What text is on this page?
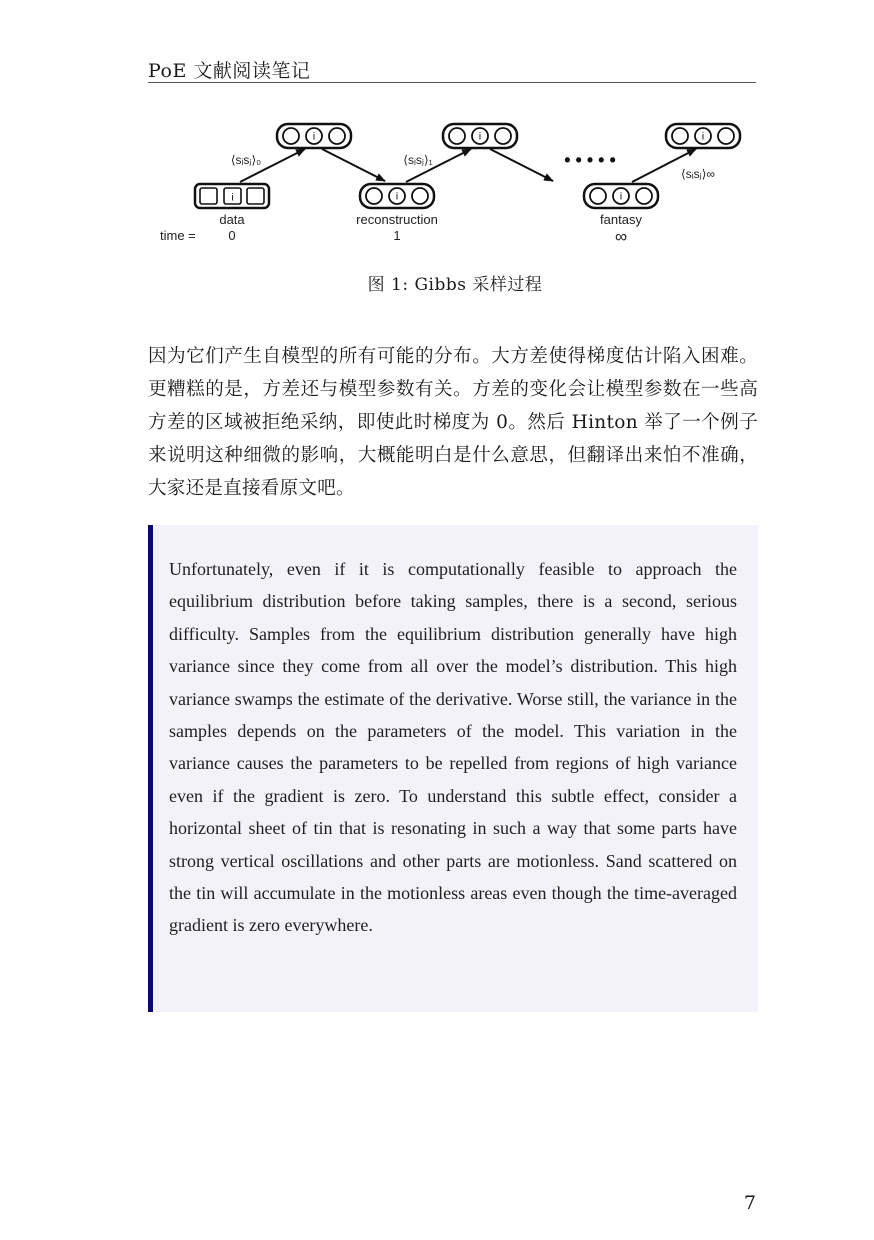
PoE 文献阅读笔记
i
i
i
i
i
i
• • • • •
⟨sᵢsⱼ⟩₀	⟨sᵢsⱼ⟩₁
⟨sᵢsⱼ⟩∞
data	reconstruction	fantasy
time =	0	1	∞
图 1: Gibbs 采样过程
因为它们产生自模型的所有可能的分布。大方差使得梯度估计陷入困难。更糟糕的是，方差还与模型参数有关。方差的变化会让模型参数在一些高方差的区域被拒绝采纳，即使此时梯度为 0。然后 Hinton 举了一个例子来说明这种细微的影响，大概能明白是什么意思，但翻译出来怕不准确，大家还是直接看原文吧。
Unfortunately, even if it is computationally feasible to approach the equilibrium distribution before taking samples, there is a second, serious difficulty. Samples from the equilibrium distribution generally have high variance since they come from all over the model’s distribution. This high variance swamps the estimate of the derivative. Worse still, the variance in the samples depends on the parameters of the model. This variation in the variance causes the parameters to be repelled from regions of high variance even if the gradient is zero. To understand this subtle effect, consider a horizontal sheet of tin that is resonating in such a way that some parts have strong vertical oscillations and other parts are motionless. Sand scattered on the tin will accumulate in the motionless areas even though the time-averaged gradient is zero everywhere.
7
